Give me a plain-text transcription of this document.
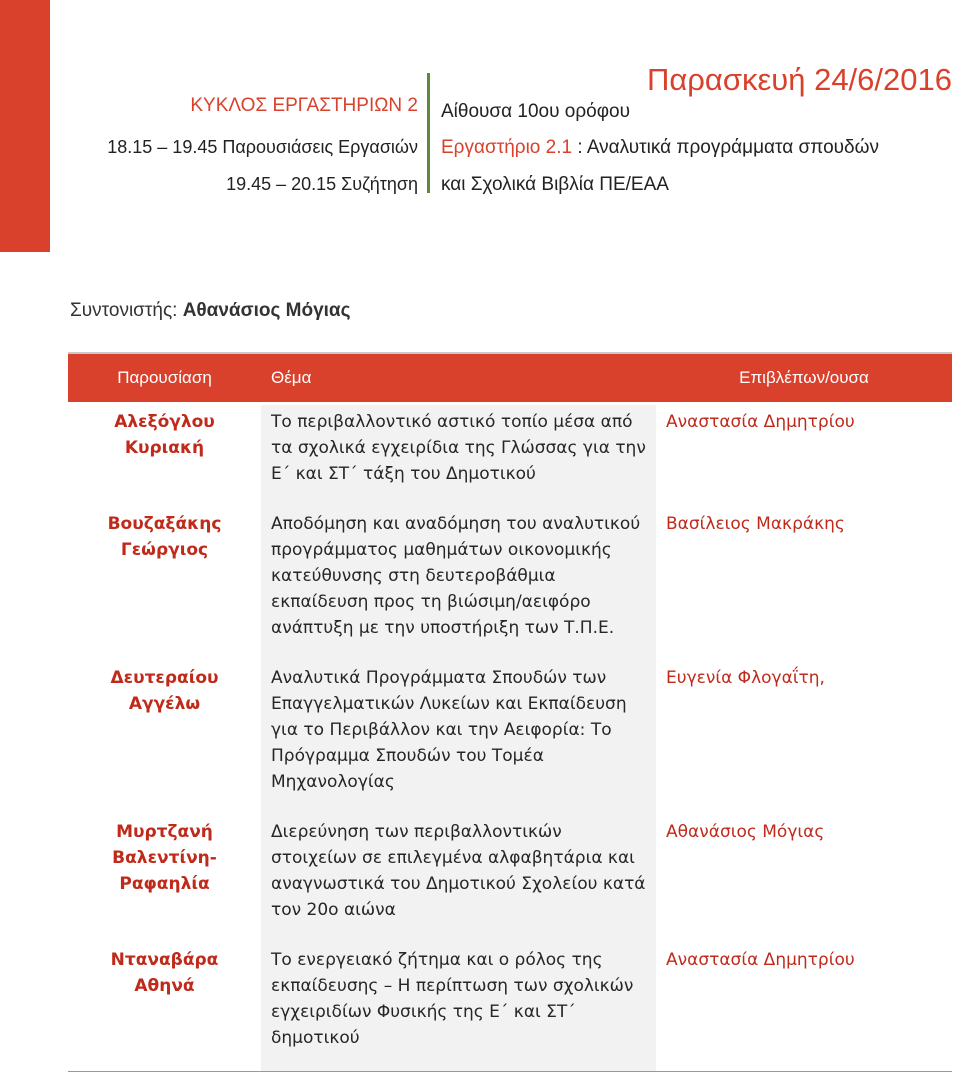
ΚΥΚΛΟΣ ΕΡΓΑΣΤΗΡΙΩΝ 2
18.15 – 19.45 Παρουσιάσεις Εργασιών
19.45 – 20.15 Συζήτηση
Αίθουσα 10ου ορόφου
Παρασκευή 24/6/2016
Εργαστήριο 2.1 : Αναλυτικά προγράμματα σπουδών
και Σχολικά Βιβλία ΠΕ/ΕΑΑ
Συντονιστής: Αθανάσιος Μόγιας
Παρουσίαση	Θέμα	Επιβλέπων/ουσα
Αλεξόγλου Κυριακή	Το περιβαλλοντικό αστικό τοπίο μέσα από τα σχολικά εγχειρίδια της Γλώσσας για την Ε΄ και ΣΤ΄ τάξη του Δημοτικού	Αναστασία Δημητρίου
Βουζαξάκης Γεώργιος	Αποδόμηση και αναδόμηση του αναλυτικού προγράμματος μαθημάτων οικονομικής κατεύθυνσης στη δευτεροβάθμια εκπαίδευση προς τη βιώσιμη/αειφόρο ανάπτυξη με την υποστήριξη των Τ.Π.Ε.	Βασίλειος Μακράκης
Δευτεραίου Αγγέλω	Αναλυτικά Προγράμματα Σπουδών των Επαγγελματικών Λυκείων και Εκπαίδευση για το Περιβάλλον και την Αειφορία: Το Πρόγραμμα Σπουδών του Τομέα Μηχανολογίας	Ευγενία Φλογαΐτη,
Μυρτζανή Βαλεντίνη-Ραφαηλία	Διερεύνηση των περιβαλλοντικών στοιχείων σε επιλεγμένα αλφαβητάρια και αναγνωστικά του Δημοτικού Σχολείου κατά τον 20ο αιώνα	Αθανάσιος Μόγιας
Νταναβάρα Αθηνά	Το ενεργειακό ζήτημα και ο ρόλος της εκπαίδευσης – Η περίπτωση των σχολικών εγχειριδίων Φυσικής της Ε΄ και ΣΤ΄ δημοτικού	Αναστασία Δημητρίου
